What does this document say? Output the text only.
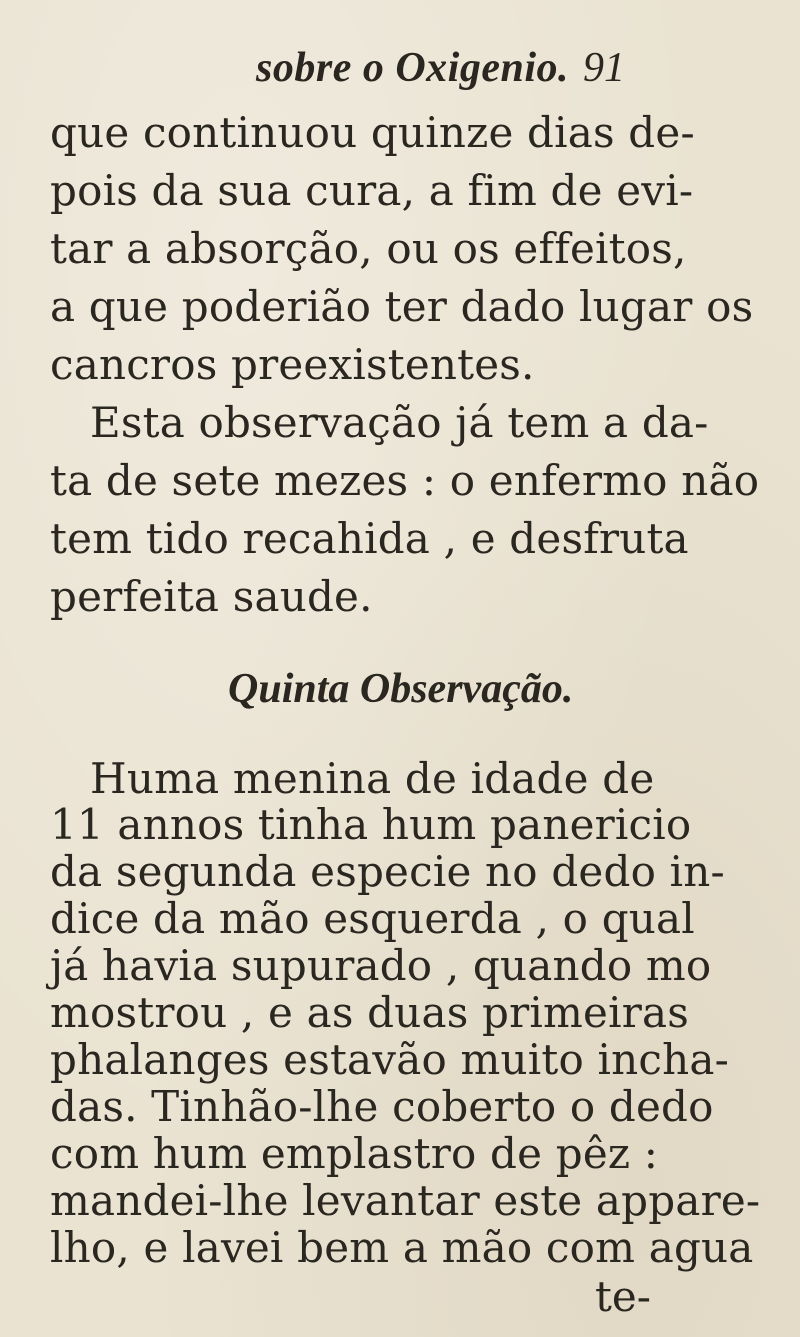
sobre o Oxigenio. 91
que continuou quinze dias de-
pois da sua cura, a fim de evi-
tar a absorção, ou os effeitos,
a que poderião ter dado lugar os
cancros preexistentes.
Esta observação já tem a da-
ta de sete mezes : o enfermo não
tem tido recahida , e desfruta
perfeita saude.
Quinta Observação.
Huma menina de idade de
11 annos tinha hum panericio
da segunda especie no dedo in-
dice da mão esquerda , o qual
já havia supurado , quando mo
mostrou , e as duas primeiras
phalanges estavão muito incha-
das. Tinhão-lhe coberto o dedo
com hum emplastro de pêz :
mandei-lhe levantar este appare-
lho, e lavei bem a mão com agua
te-
